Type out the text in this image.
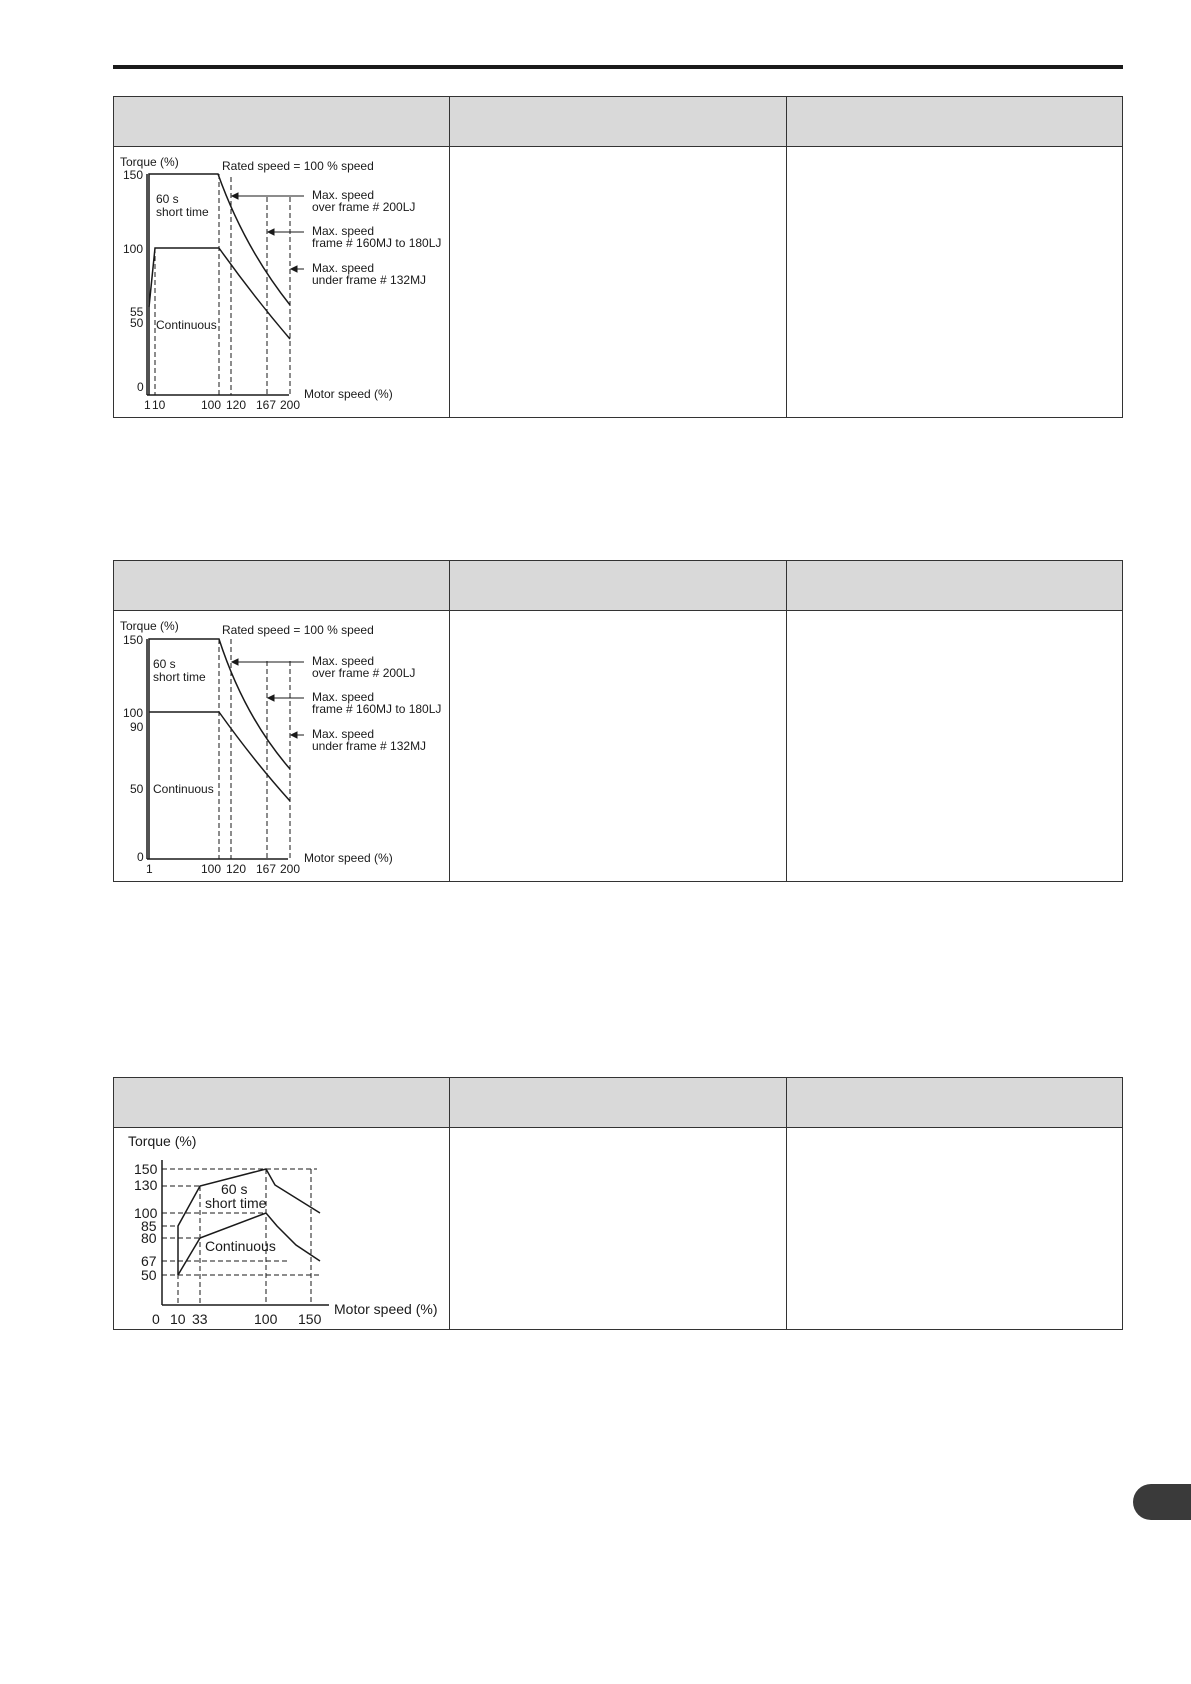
Torque (%)
150
100
55
50
0
1 10	100 120 167 200
Motor speed (%)
Rated speed = 100 % speed
60 s
short time
Continuous
Max. speed
over frame # 200LJ
Max. speed
frame # 160MJ to 180LJ
Max. speed
under frame # 132MJ
Torque (%)
150
100
90
50
0
1	100 120 167 200
Motor speed (%)
Rated speed = 100 % speed
60 s
short time
Continuous
Max. speed
over frame # 200LJ
Max. speed
frame # 160MJ to 180LJ
Max. speed
under frame # 132MJ
Torque (%)
150
130
100
85
80
67
50
0 10 33	100 150
Motor speed (%)
60 s
short time
Continuous
